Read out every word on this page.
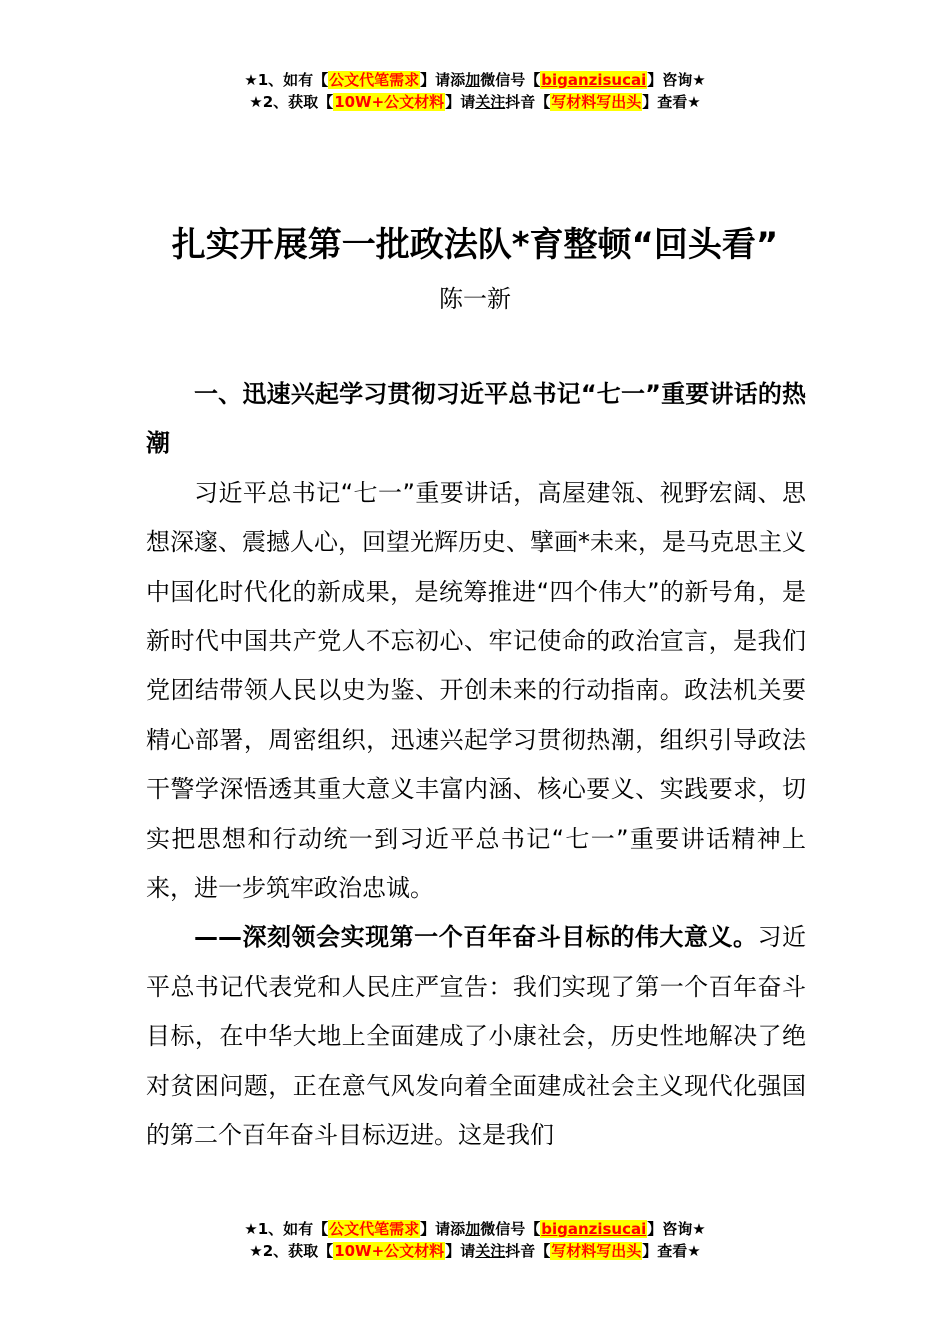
★1、如有【公文代笔需求】请添加微信号【biganzisucai】咨询★
★2、获取【10W+公文材料】请关注抖音【写材料写出头】查看★
扎实开展第一批政法队*育整顿“回头看”
陈一新

一、迅速兴起学习贯彻习近平总书记“七一”重要讲话的热潮

习近平总书记“七一”重要讲话，高屋建瓴、视野宏阔、思想深邃、震撼人心，回望光辉历史、擘画*未来，是马克思主义中国化时代化的新成果，是统筹推进“四个伟大”的新号角，是新时代中国共产党人不忘初心、牢记使命的政治宣言，是我们党团结带领人民以史为鉴、开创未来的行动指南。政法机关要精心部署，周密组织，迅速兴起学习贯彻热潮，组织引导政法干警学深悟透其重大意义丰富内涵、核心要义、实践要求，切实把思想和行动统一到习近平总书记“七一”重要讲话精神上来，进一步筑牢政治忠诚。

——深刻领会实现第一个百年奋斗目标的伟大意义。习近平总书记代表党和人民庄严宣告：我们实现了第一个百年奋斗目标，在中华大地上全面建成了小康社会，历史性地解决了绝对贫困问题，正在意气风发向着全面建成社会主义现代化强国的第二个百年奋斗目标迈进。这是我们

★1、如有【公文代笔需求】请添加微信号【biganzisucai】咨询★
★2、获取【10W+公文材料】请关注抖音【写材料写出头】查看★
